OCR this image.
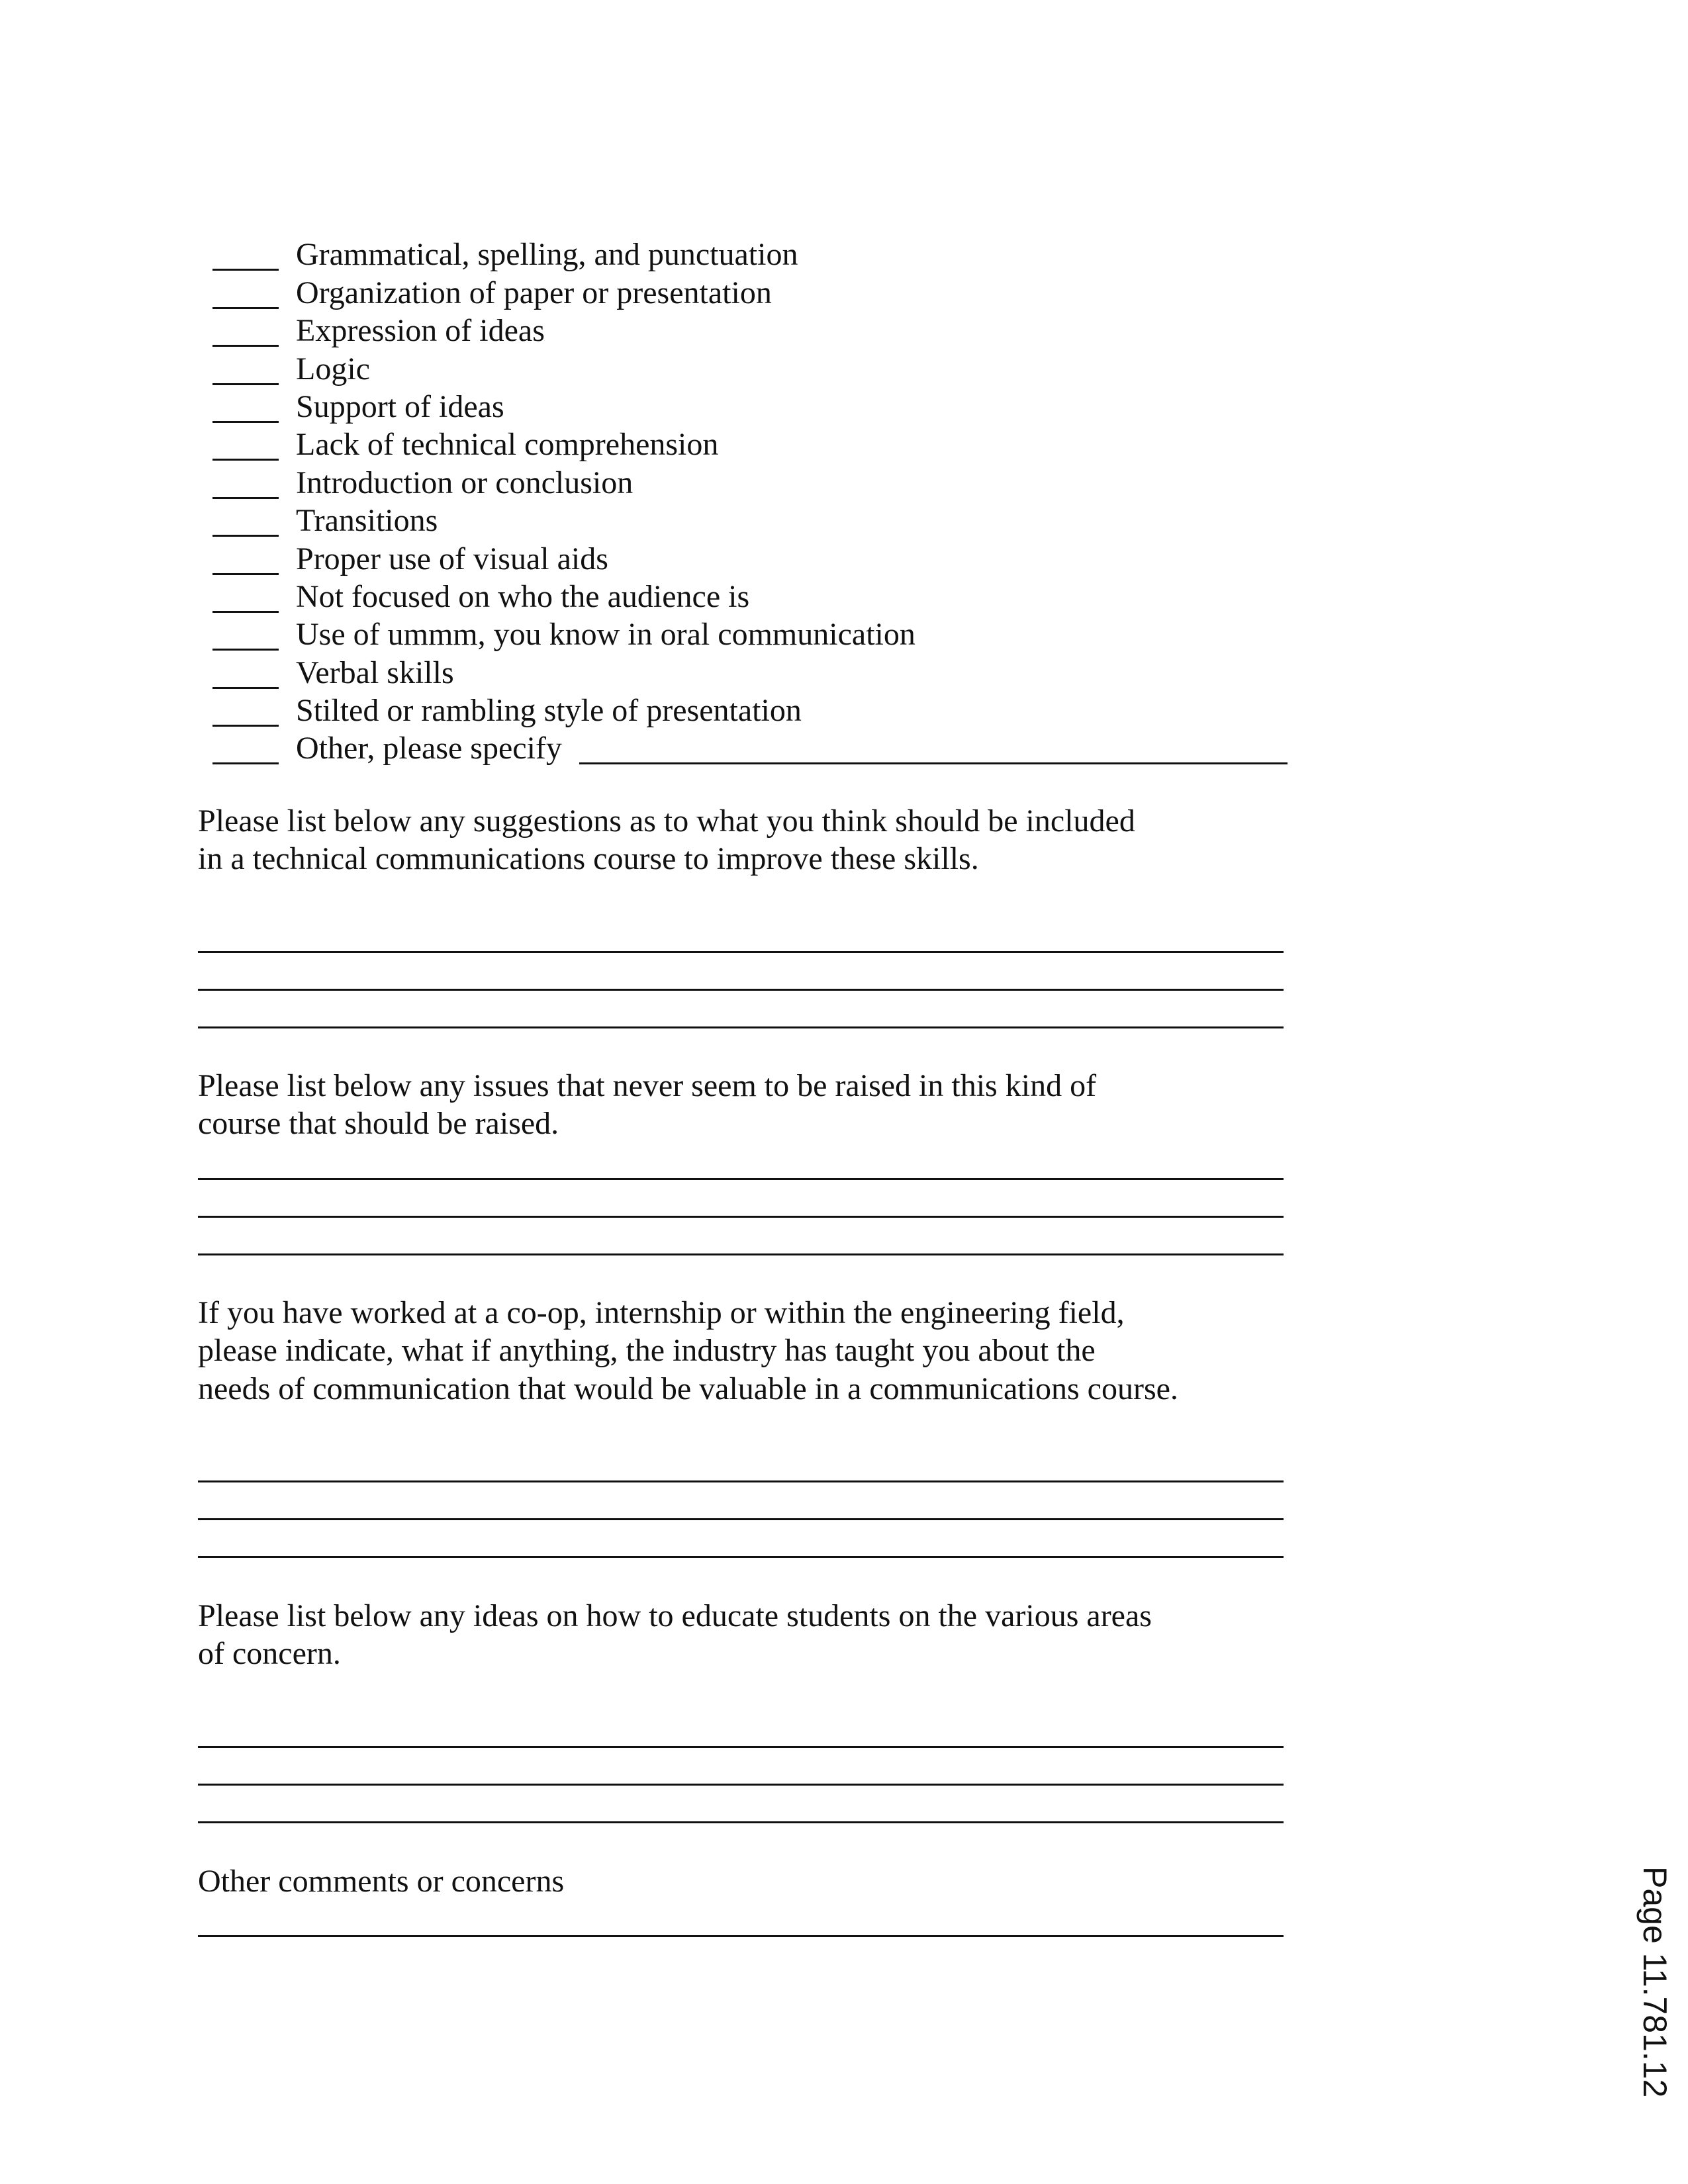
Grammatical, spelling, and punctuation
Organization of paper or presentation
Expression of ideas
Logic
Support of ideas
Lack of technical comprehension
Introduction or conclusion
Transitions
Proper use of visual aids
Not focused on who the audience is
Use of ummm, you know in oral communication
Verbal skills
Stilted or rambling style of presentation
Other, please specify

Please list below any suggestions as to what you think should be included
in a technical communications course to improve these skills.

Please list below any issues that never seem to be raised in this kind of
course that should be raised.

If you have worked at a co-op, internship or within the engineering field,
please indicate, what if anything, the industry has taught you about the
needs of communication that would be valuable in a communications course.

Please list below any ideas on how to educate students on the various areas
of concern.

Other comments or concerns	Page 11.781.12
